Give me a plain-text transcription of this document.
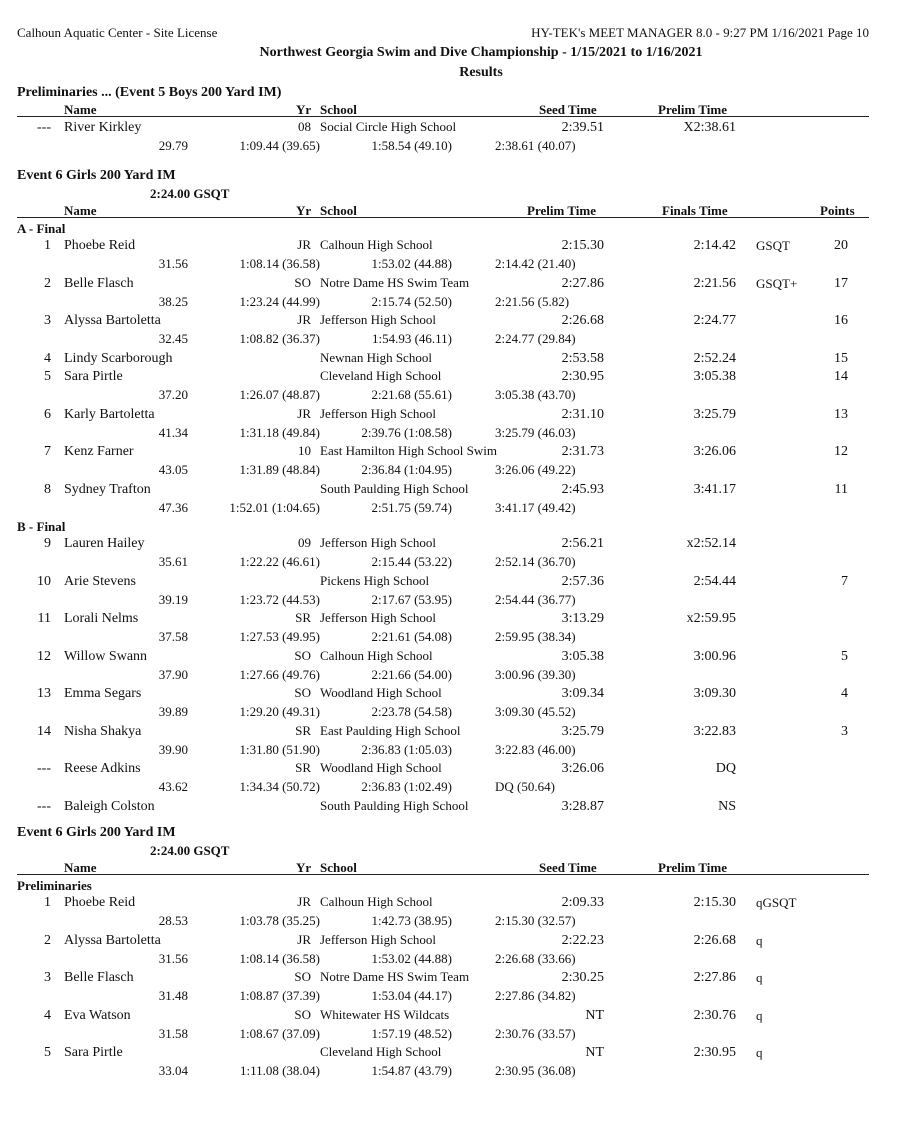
Calhoun Aquatic Center - Site License	HY-TEK's MEET MANAGER 8.0 - 9:27 PM 1/16/2021 Page 10
Northwest Georgia Swim and Dive Championship - 1/15/2021 to 1/16/2021
Results
Preliminaries ... (Event 5 Boys 200 Yard IM)
Name	Yr School	Seed Time	Prelim Time
--- River Kirkley	08 Social Circle High School	2:39.51	X2:38.61
29.79	1:09.44 (39.65)	1:58.54 (49.10)	2:38.61 (40.07)
Event 6 Girls 200 Yard IM
2:24.00 GSQT
Name	Yr School	Prelim Time	Finals Time	Points
A - Final
1 Phoebe Reid	JR Calhoun High School	2:15.30	2:14.42 GSQT	20
31.56	1:08.14 (36.58)	1:53.02 (44.88)	2:14.42 (21.40)
2 Belle Flasch	SO Notre Dame HS Swim Team	2:27.86	2:21.56 GSQT+	17
38.25	1:23.24 (44.99)	2:15.74 (52.50)	2:21.56 (5.82)
3 Alyssa Bartoletta	JR Jefferson High School	2:26.68	2:24.77	16
32.45	1:08.82 (36.37)	1:54.93 (46.11)	2:24.77 (29.84)
4 Lindy Scarborough	Newnan High School	2:53.58	2:52.24	15
5 Sara Pirtle	Cleveland High School	2:30.95	3:05.38	14
37.20	1:26.07 (48.87)	2:21.68 (55.61)	3:05.38 (43.70)
6 Karly Bartoletta	JR Jefferson High School	2:31.10	3:25.79	13
41.34	1:31.18 (49.84)	2:39.76 (1:08.58)	3:25.79 (46.03)
7 Kenz Farner	10 East Hamilton High School Swim	2:31.73	3:26.06	12
43.05	1:31.89 (48.84)	2:36.84 (1:04.95)	3:26.06 (49.22)
8 Sydney Trafton	South Paulding High School	2:45.93	3:41.17	11
47.36	1:52.01 (1:04.65)	2:51.75 (59.74)	3:41.17 (49.42)
B - Final
9 Lauren Hailey	09 Jefferson High School	2:56.21	x2:52.14
35.61	1:22.22 (46.61)	2:15.44 (53.22)	2:52.14 (36.70)
10 Arie Stevens	Pickens High School	2:57.36	2:54.44	7
39.19	1:23.72 (44.53)	2:17.67 (53.95)	2:54.44 (36.77)
11 Lorali Nelms	SR Jefferson High School	3:13.29	x2:59.95
37.58	1:27.53 (49.95)	2:21.61 (54.08)	2:59.95 (38.34)
12 Willow Swann	SO Calhoun High School	3:05.38	3:00.96	5
37.90	1:27.66 (49.76)	2:21.66 (54.00)	3:00.96 (39.30)
13 Emma Segars	SO Woodland High School	3:09.34	3:09.30	4
39.89	1:29.20 (49.31)	2:23.78 (54.58)	3:09.30 (45.52)
14 Nisha Shakya	SR East Paulding High School	3:25.79	3:22.83	3
39.90	1:31.80 (51.90)	2:36.83 (1:05.03)	3:22.83 (46.00)
--- Reese Adkins	SR Woodland High School	3:26.06	DQ
43.62	1:34.34 (50.72)	2:36.83 (1:02.49)	DQ (50.64)
--- Baleigh Colston	South Paulding High School	3:28.87	NS
Event 6 Girls 200 Yard IM
2:24.00 GSQT
Name	Yr School	Seed Time	Prelim Time
Preliminaries
1 Phoebe Reid	JR Calhoun High School	2:09.33	2:15.30 qGSQT
28.53	1:03.78 (35.25)	1:42.73 (38.95)	2:15.30 (32.57)
2 Alyssa Bartoletta	JR Jefferson High School	2:22.23	2:26.68 q
31.56	1:08.14 (36.58)	1:53.02 (44.88)	2:26.68 (33.66)
3 Belle Flasch	SO Notre Dame HS Swim Team	2:30.25	2:27.86 q
31.48	1:08.87 (37.39)	1:53.04 (44.17)	2:27.86 (34.82)
4 Eva Watson	SO Whitewater HS Wildcats	NT	2:30.76 q
31.58	1:08.67 (37.09)	1:57.19 (48.52)	2:30.76 (33.57)
5 Sara Pirtle	Cleveland High School	NT	2:30.95 q
33.04	1:11.08 (38.04)	1:54.87 (43.79)	2:30.95 (36.08)
